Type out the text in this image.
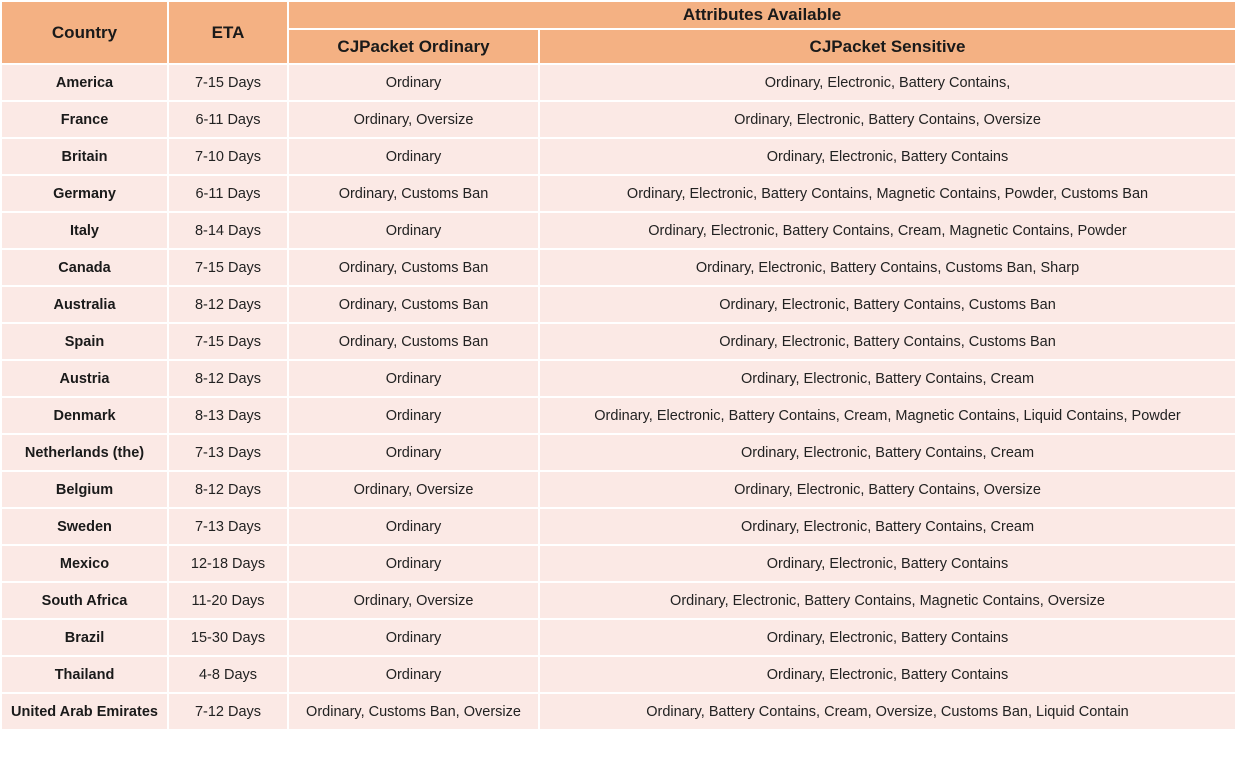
Country	ETA	Attributes Available	
		CJPacket Ordinary	CJPacket Sensitive
America	7-15 Days	Ordinary	Ordinary, Electronic, Battery Contains,
France	6-11 Days	Ordinary, Oversize	Ordinary, Electronic, Battery Contains, Oversize
Britain	7-10 Days	Ordinary	Ordinary, Electronic, Battery Contains
Germany	6-11 Days	Ordinary, Customs Ban	Ordinary, Electronic, Battery Contains, Magnetic Contains, Powder, Customs Ban
Italy	8-14 Days	Ordinary	Ordinary, Electronic, Battery Contains, Cream, Magnetic Contains, Powder
Canada	7-15 Days	Ordinary, Customs Ban	Ordinary, Electronic, Battery Contains, Customs Ban, Sharp
Australia	8-12 Days	Ordinary, Customs Ban	Ordinary, Electronic, Battery Contains, Customs Ban
Spain	7-15 Days	Ordinary, Customs Ban	Ordinary, Electronic, Battery Contains, Customs Ban
Austria	8-12 Days	Ordinary	Ordinary, Electronic, Battery Contains, Cream
Denmark	8-13 Days	Ordinary	Ordinary, Electronic, Battery Contains, Cream, Magnetic Contains, Liquid Contains, Powder
Netherlands (the)	7-13 Days	Ordinary	Ordinary, Electronic, Battery Contains, Cream
Belgium	8-12 Days	Ordinary, Oversize	Ordinary, Electronic, Battery Contains, Oversize
Sweden	7-13 Days	Ordinary	Ordinary, Electronic, Battery Contains, Cream
Mexico	12-18 Days	Ordinary	Ordinary, Electronic, Battery Contains
South Africa	11-20 Days	Ordinary, Oversize	Ordinary, Electronic, Battery Contains, Magnetic Contains, Oversize
Brazil	15-30 Days	Ordinary	Ordinary, Electronic, Battery Contains
Thailand	4-8 Days	Ordinary	Ordinary, Electronic, Battery Contains
United Arab Emirates	7-12 Days	Ordinary, Customs Ban, Oversize	Ordinary, Battery Contains, Cream, Oversize, Customs Ban, Liquid Contain
